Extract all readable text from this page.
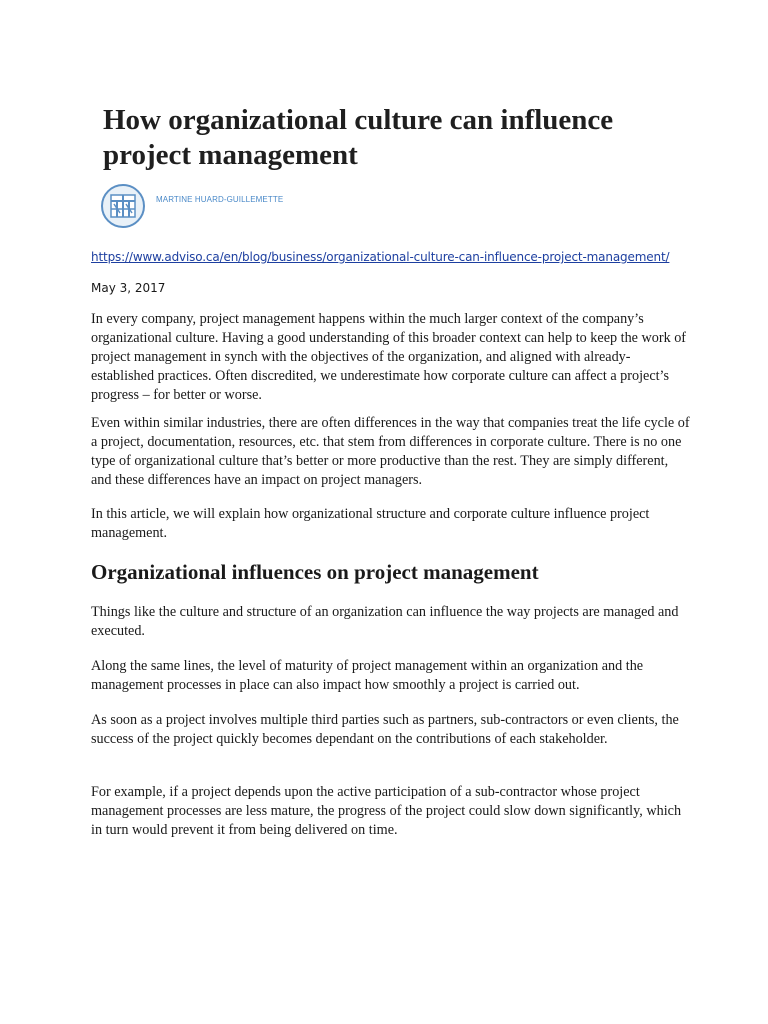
How organizational culture can influence project management
MARTINE HUARD-GUILLEMETTE
https://www.adviso.ca/en/blog/business/organizational-culture-can-influence-project-management/
May 3, 2017

In every company, project management happens within the much larger context of the company’s organizational culture. Having a good understanding of this broader context can help to keep the work of project management in synch with the objectives of the organization, and aligned with already-established practices. Often discredited, we underestimate how corporate culture can affect a project’s progress – for better or worse.

Even within similar industries, there are often differences in the way that companies treat the life cycle of a project, documentation, resources, etc. that stem from differences in corporate culture. There is no one type of organizational culture that’s better or more productive than the rest. They are simply different, and these differences have an impact on project managers.

In this article, we will explain how organizational structure and corporate culture influence project management.

Organizational influences on project management

Things like the culture and structure of an organization can influence the way projects are managed and executed.

Along the same lines, the level of maturity of project management within an organization and the management processes in place can also impact how smoothly a project is carried out.

As soon as a project involves multiple third parties such as partners, sub-contractors or even clients, the success of the project quickly becomes dependant on the contributions of each stakeholder.

For example, if a project depends upon the active participation of a sub-contractor whose project management processes are less mature, the progress of the project could slow down significantly, which in turn would prevent it from being delivered on time.
